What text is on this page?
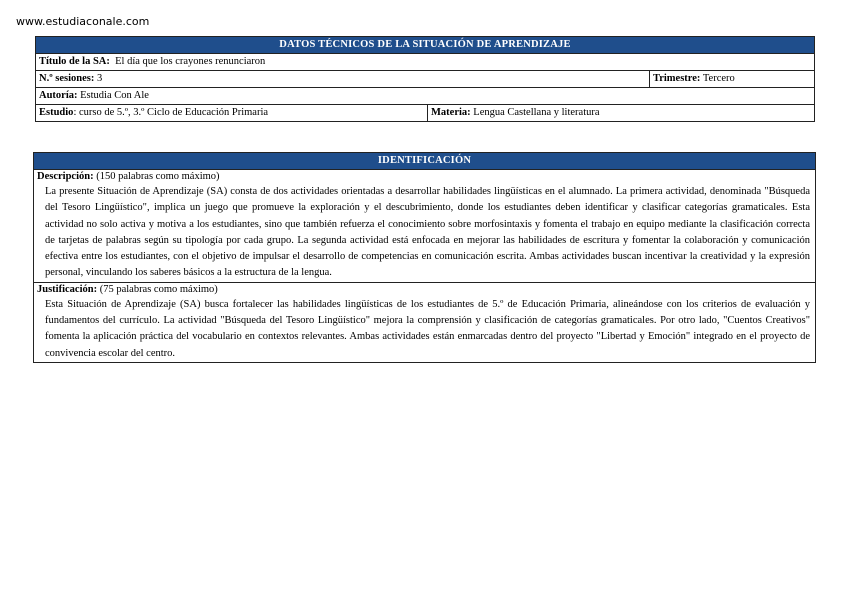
www.estudiaconale.com
DATOS TÉCNICOS DE LA SITUACIÓN DE APRENDIZAJE		
Título de la SA: El día que los crayones renunciaron		
N.º sesiones: 3		Trimestre: Tercero
Autoría: Estudia Con Ale		
Estudio: curso de 5.º, 3.º Ciclo de Educación Primaria	Materia: Lengua Castellana y literatura	
IDENTIFICACIÓN

Descripción: (150 palabras como máximo)
La presente Situación de Aprendizaje (SA) consta de dos actividades orientadas a desarrollar habilidades lingüísticas en el alumnado. La primera actividad, denominada "Búsqueda del Tesoro Lingüístico", implica un juego que promueve la exploración y el descubrimiento, donde los estudiantes deben identificar y clasificar categorías gramaticales. Esta actividad no solo activa y motiva a los estudiantes, sino que también refuerza el conocimiento sobre morfosintaxis y fomenta el trabajo en equipo mediante la clasificación correcta de tarjetas de palabras según su tipología por cada grupo. La segunda actividad está enfocada en mejorar las habilidades de escritura y fomentar la colaboración y comunicación efectiva entre los estudiantes, con el objetivo de impulsar el desarrollo de competencias en comunicación escrita. Ambas actividades buscan incentivar la creatividad y la expresión personal, vinculando los saberes básicos a la estructura de la lengua.

Justificación: (75 palabras como máximo)
Esta Situación de Aprendizaje (SA) busca fortalecer las habilidades lingüísticas de los estudiantes de 5.º de Educación Primaria, alineándose con los criterios de evaluación y fundamentos del currículo. La actividad "Búsqueda del Tesoro Lingüístico" mejora la comprensión y clasificación de categorías gramaticales. Por otro lado, "Cuentos Creativos" fomenta la aplicación práctica del vocabulario en contextos relevantes. Ambas actividades están enmarcadas dentro del proyecto "Libertad y Emoción" integrado en el proyecto de convivencia escolar del centro.
